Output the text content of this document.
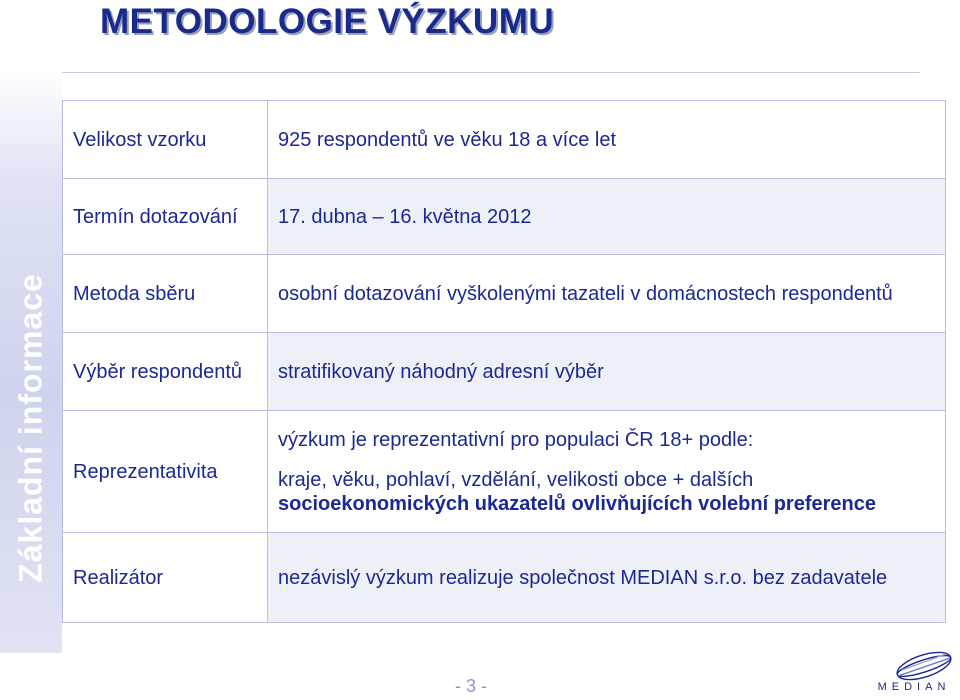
METODOLOGIE VÝZKUMU
Základní informace
Velikost vzorku	925 respondentů ve věku 18 a více let
Termín dotazování	17. dubna – 16. května 2012
Metoda sběru	osobní dotazování vyškolenými tazateli v domácnostech respondentů
Výběr respondentů	stratifikovaný náhodný adresní výběr
Reprezentativita	výzkum je reprezentativní pro populaci ČR 18+ podle:
kraje, věku, pohlaví, vzdělání, velikosti obce + dalších
socioekonomických ukazatelů ovlivňujících volební preference

Realizátor	nezávislý výzkum realizuje společnost MEDIAN s.r.o. bez zadavatele
- 3 -	MEDIAN
